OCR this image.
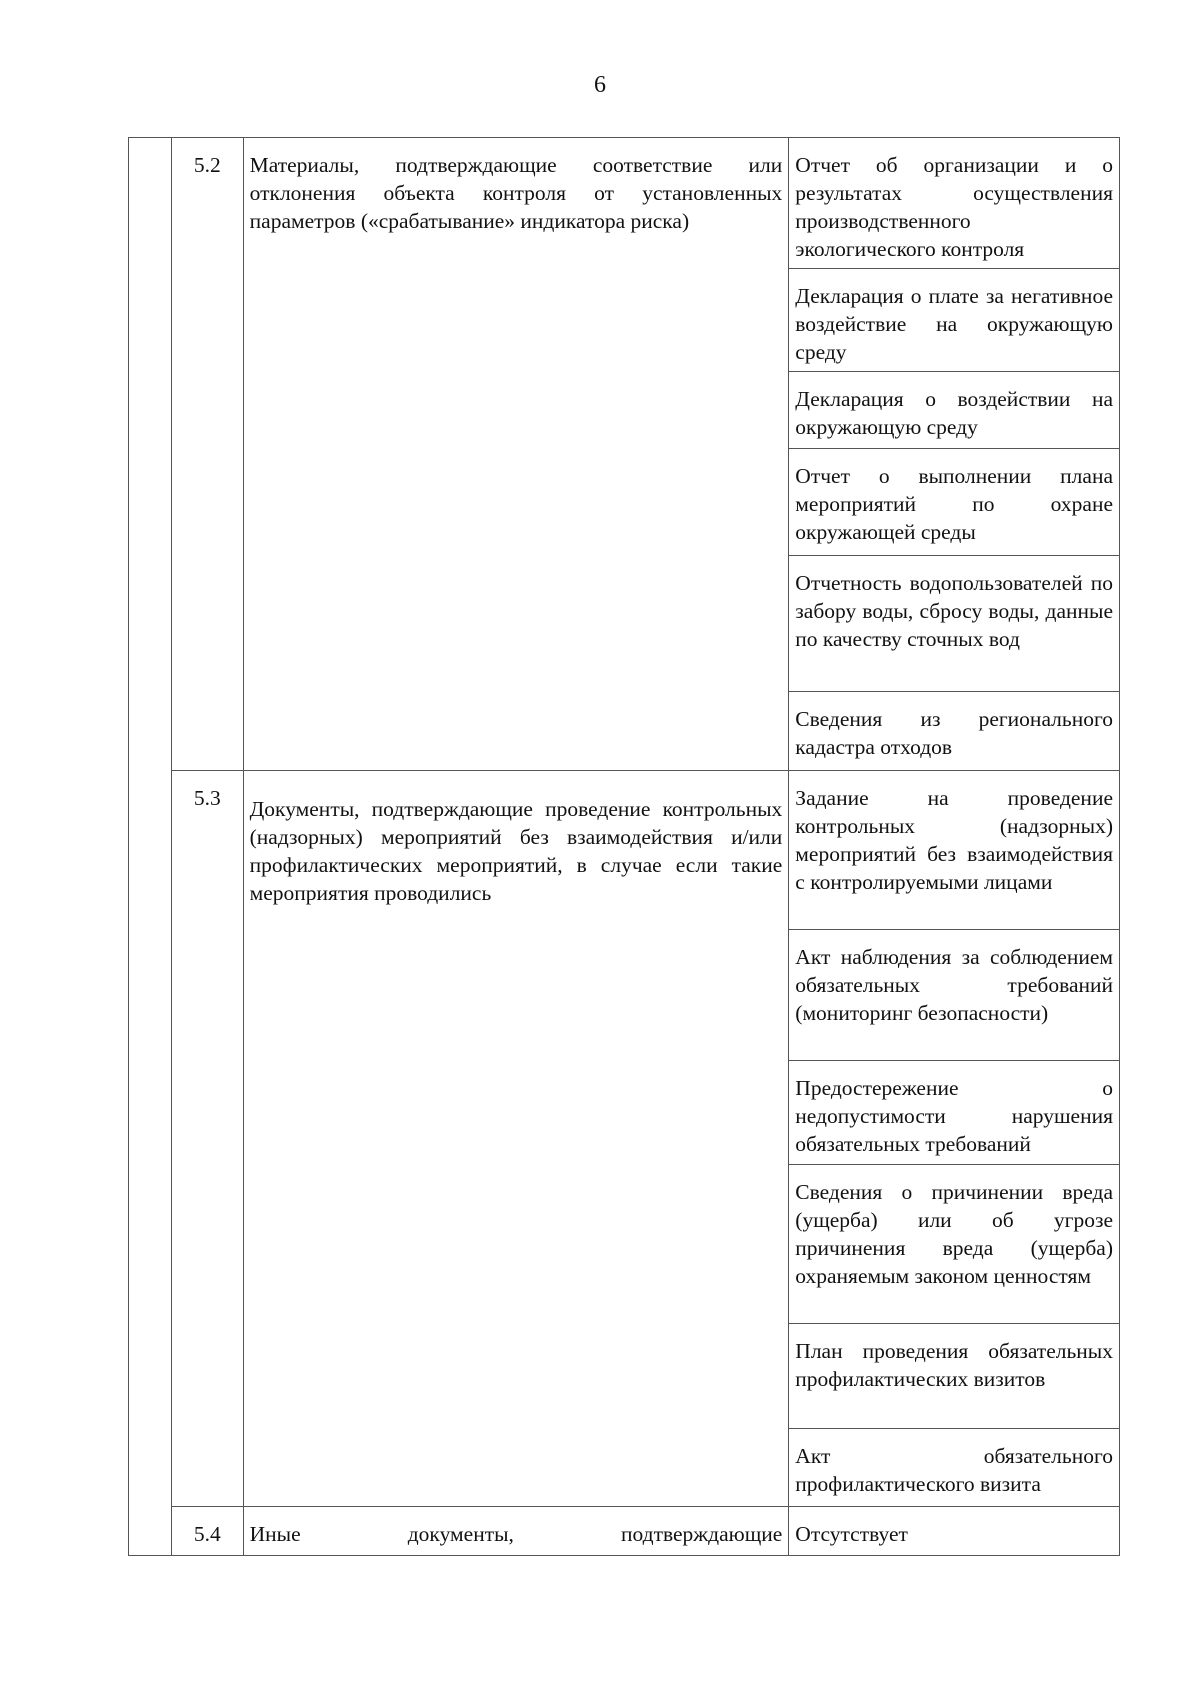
6
	5.2	Материалы, подтверждающие соответствие или отклонения объекта контроля от установленных параметров («срабатывание» индикатора риска)	Отчет об организации и о результатах осуществления производственного экологического контроля
			Декларация о плате за негативное воздействие на окружающую среду
			Декларация о воздействии на окружающую среду
			Отчет о выполнении плана мероприятий по охране окружающей среды
			Отчетность водопользователей по забору воды, сбросу воды, данные по качеству сточных вод
			Сведения из регионального кадастра отходов
	5.3	Документы, подтверждающие проведение контрольных (надзорных) мероприятий без взаимодействия и/или профилактических мероприятий, в случае если такие мероприятия проводились	Задание на проведение контрольных (надзорных) мероприятий без взаимодействия с контролируемыми лицами
			Акт наблюдения за соблюдением обязательных требований (мониторинг безопасности)
			Предостережение о недопустимости нарушения обязательных требований
			Сведения о причинении вреда (ущерба) или об угрозе причинения вреда (ущерба) охраняемым законом ценностям
			План проведения обязательных профилактических визитов
			Акт обязательного профилактического визита
	5.4	Иные документы, подтверждающие	Отсутствует
